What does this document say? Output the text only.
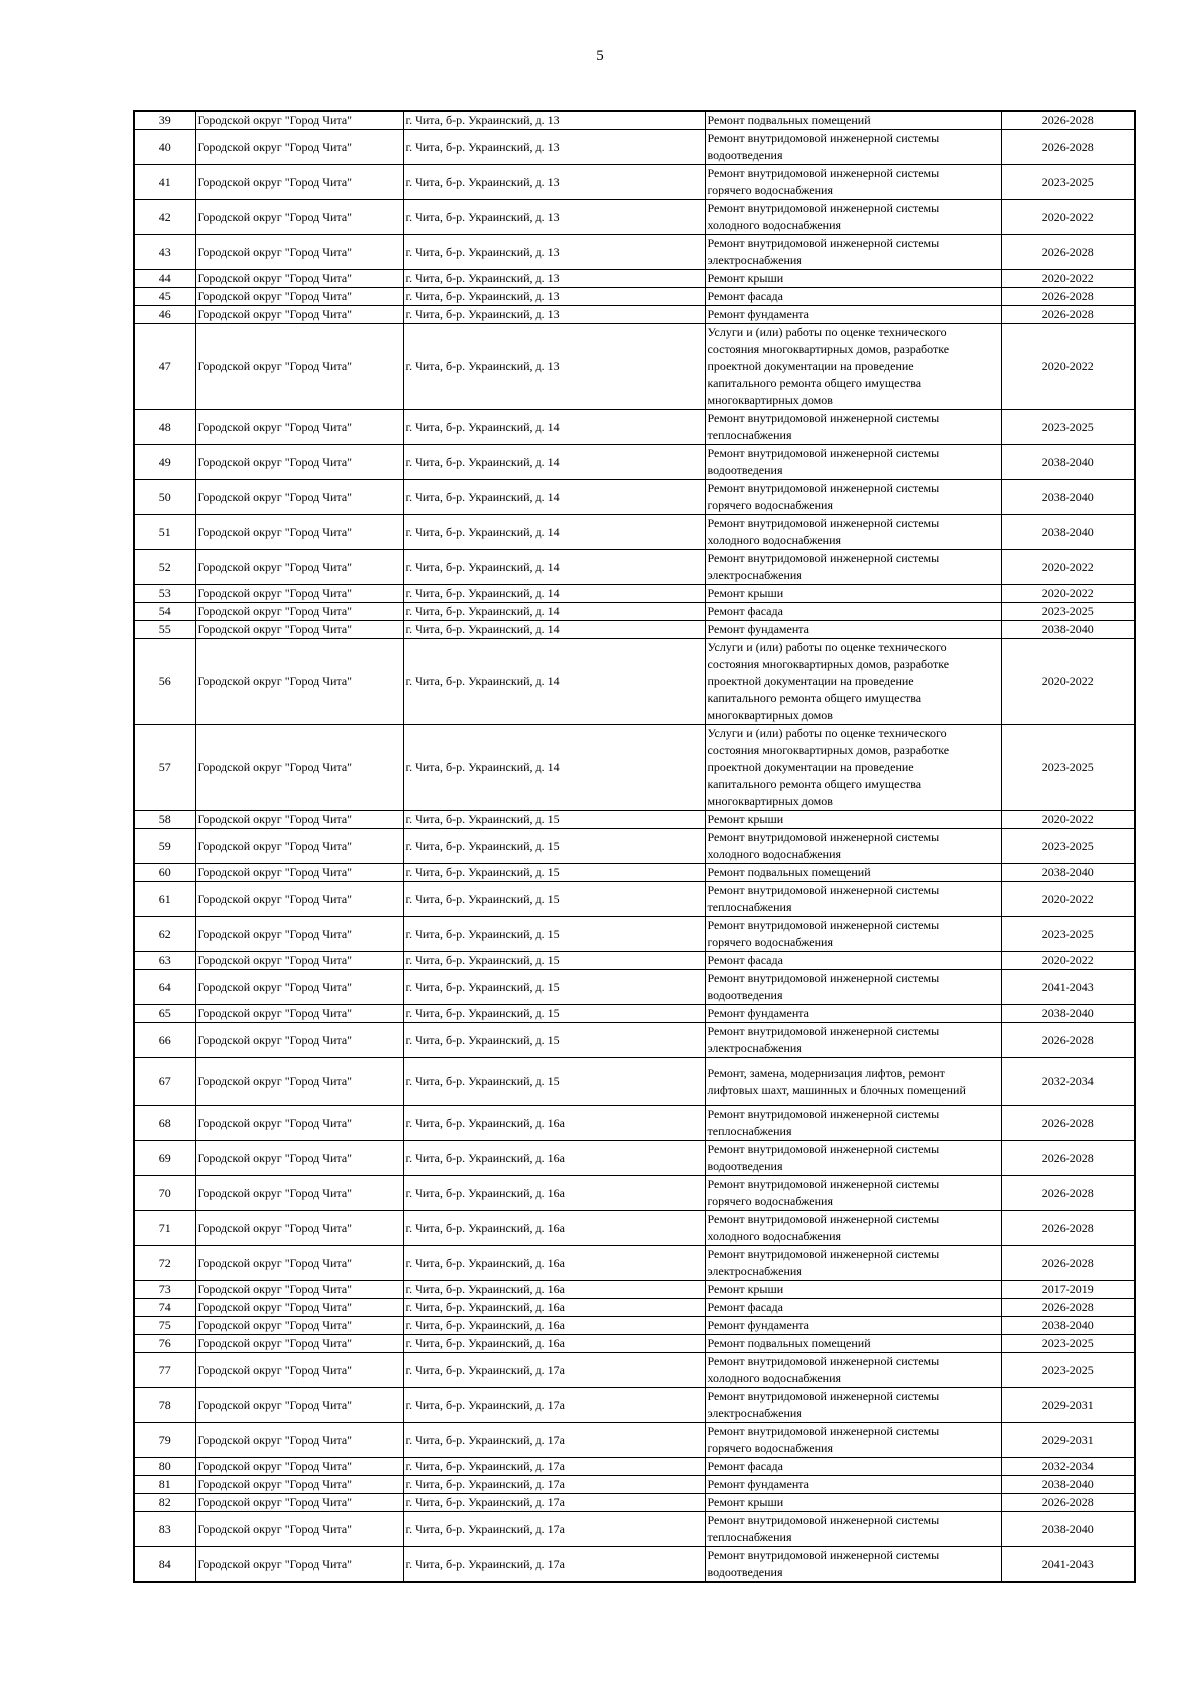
5
39	Городской округ "Город Чита"	г. Чита, б-р. Украинский, д. 13	Ремонт подвальных помещений	2026-2028
40	Городской округ "Город Чита"	г. Чита, б-р. Украинский, д. 13	Ремонт внутридомовой инженерной системы
водоотведения	2026-2028
41	Городской округ "Город Чита"	г. Чита, б-р. Украинский, д. 13	Ремонт внутридомовой инженерной системы
горячего водоснабжения	2023-2025
42	Городской округ "Город Чита"	г. Чита, б-р. Украинский, д. 13	Ремонт внутридомовой инженерной системы
холодного водоснабжения	2020-2022
43	Городской округ "Город Чита"	г. Чита, б-р. Украинский, д. 13	Ремонт внутридомовой инженерной системы
электроснабжения	2026-2028
44	Городской округ "Город Чита"	г. Чита, б-р. Украинский, д. 13	Ремонт крыши	2020-2022
45	Городской округ "Город Чита"	г. Чита, б-р. Украинский, д. 13	Ремонт фасада	2026-2028
46	Городской округ "Город Чита"	г. Чита, б-р. Украинский, д. 13	Ремонт фундамента	2026-2028
47	Городской округ "Город Чита"	г. Чита, б-р. Украинский, д. 13	Услуги и (или) работы по оценке технического
состояния многоквартирных домов, разработке
проектной документации на проведение
капитального ремонта общего имущества
многоквартирных домов	2020-2022
48	Городской округ "Город Чита"	г. Чита, б-р. Украинский, д. 14	Ремонт внутридомовой инженерной системы
теплоснабжения	2023-2025
49	Городской округ "Город Чита"	г. Чита, б-р. Украинский, д. 14	Ремонт внутридомовой инженерной системы
водоотведения	2038-2040
50	Городской округ "Город Чита"	г. Чита, б-р. Украинский, д. 14	Ремонт внутридомовой инженерной системы
горячего водоснабжения	2038-2040
51	Городской округ "Город Чита"	г. Чита, б-р. Украинский, д. 14	Ремонт внутридомовой инженерной системы
холодного водоснабжения	2038-2040
52	Городской округ "Город Чита"	г. Чита, б-р. Украинский, д. 14	Ремонт внутридомовой инженерной системы
электроснабжения	2020-2022
53	Городской округ "Город Чита"	г. Чита, б-р. Украинский, д. 14	Ремонт крыши	2020-2022
54	Городской округ "Город Чита"	г. Чита, б-р. Украинский, д. 14	Ремонт фасада	2023-2025
55	Городской округ "Город Чита"	г. Чита, б-р. Украинский, д. 14	Ремонт фундамента	2038-2040
56	Городской округ "Город Чита"	г. Чита, б-р. Украинский, д. 14	Услуги и (или) работы по оценке технического
состояния многоквартирных домов, разработке
проектной документации на проведение
капитального ремонта общего имущества
многоквартирных домов	2020-2022
57	Городской округ "Город Чита"	г. Чита, б-р. Украинский, д. 14	Услуги и (или) работы по оценке технического
состояния многоквартирных домов, разработке
проектной документации на проведение
капитального ремонта общего имущества
многоквартирных домов	2023-2025
58	Городской округ "Город Чита"	г. Чита, б-р. Украинский, д. 15	Ремонт крыши	2020-2022
59	Городской округ "Город Чита"	г. Чита, б-р. Украинский, д. 15	Ремонт внутридомовой инженерной системы
холодного водоснабжения	2023-2025
60	Городской округ "Город Чита"	г. Чита, б-р. Украинский, д. 15	Ремонт подвальных помещений	2038-2040
61	Городской округ "Город Чита"	г. Чита, б-р. Украинский, д. 15	Ремонт внутридомовой инженерной системы
теплоснабжения	2020-2022
62	Городской округ "Город Чита"	г. Чита, б-р. Украинский, д. 15	Ремонт внутридомовой инженерной системы
горячего водоснабжения	2023-2025
63	Городской округ "Город Чита"	г. Чита, б-р. Украинский, д. 15	Ремонт фасада	2020-2022
64	Городской округ "Город Чита"	г. Чита, б-р. Украинский, д. 15	Ремонт внутридомовой инженерной системы
водоотведения	2041-2043
65	Городской округ "Город Чита"	г. Чита, б-р. Украинский, д. 15	Ремонт фундамента	2038-2040
66	Городской округ "Город Чита"	г. Чита, б-р. Украинский, д. 15	Ремонт внутридомовой инженерной системы
электроснабжения	2026-2028
67	Городской округ "Город Чита"	г. Чита, б-р. Украинский, д. 15	Ремонт, замена, модернизация лифтов, ремонт
лифтовых шахт, машинных и блочных помещений	2032-2034
68	Городской округ "Город Чита"	г. Чита, б-р. Украинский, д. 16а	Ремонт внутридомовой инженерной системы
теплоснабжения	2026-2028
69	Городской округ "Город Чита"	г. Чита, б-р. Украинский, д. 16а	Ремонт внутридомовой инженерной системы
водоотведения	2026-2028
70	Городской округ "Город Чита"	г. Чита, б-р. Украинский, д. 16а	Ремонт внутридомовой инженерной системы
горячего водоснабжения	2026-2028
71	Городской округ "Город Чита"	г. Чита, б-р. Украинский, д. 16а	Ремонт внутридомовой инженерной системы
холодного водоснабжения	2026-2028
72	Городской округ "Город Чита"	г. Чита, б-р. Украинский, д. 16а	Ремонт внутридомовой инженерной системы
электроснабжения	2026-2028
73	Городской округ "Город Чита"	г. Чита, б-р. Украинский, д. 16а	Ремонт крыши	2017-2019
74	Городской округ "Город Чита"	г. Чита, б-р. Украинский, д. 16а	Ремонт фасада	2026-2028
75	Городской округ "Город Чита"	г. Чита, б-р. Украинский, д. 16а	Ремонт фундамента	2038-2040
76	Городской округ "Город Чита"	г. Чита, б-р. Украинский, д. 16а	Ремонт подвальных помещений	2023-2025
77	Городской округ "Город Чита"	г. Чита, б-р. Украинский, д. 17а	Ремонт внутридомовой инженерной системы
холодного водоснабжения	2023-2025
78	Городской округ "Город Чита"	г. Чита, б-р. Украинский, д. 17а	Ремонт внутридомовой инженерной системы
электроснабжения	2029-2031
79	Городской округ "Город Чита"	г. Чита, б-р. Украинский, д. 17а	Ремонт внутридомовой инженерной системы
горячего водоснабжения	2029-2031
80	Городской округ "Город Чита"	г. Чита, б-р. Украинский, д. 17а	Ремонт фасада	2032-2034
81	Городской округ "Город Чита"	г. Чита, б-р. Украинский, д. 17а	Ремонт фундамента	2038-2040
82	Городской округ "Город Чита"	г. Чита, б-р. Украинский, д. 17а	Ремонт крыши	2026-2028
83	Городской округ "Город Чита"	г. Чита, б-р. Украинский, д. 17а	Ремонт внутридомовой инженерной системы
теплоснабжения	2038-2040
84	Городской округ "Город Чита"	г. Чита, б-р. Украинский, д. 17а	Ремонт внутридомовой инженерной системы
водоотведения	2041-2043
